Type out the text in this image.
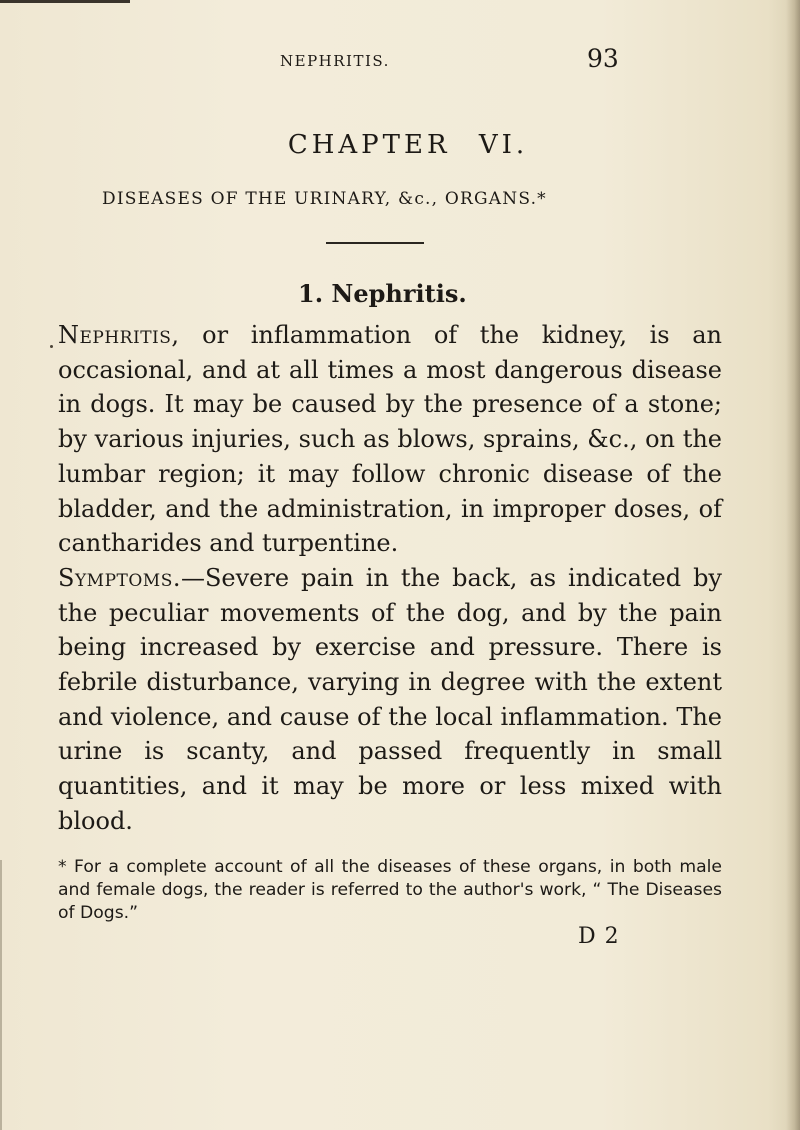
NEPHRITIS.	93
CHAPTER VI.
DISEASES OF THE URINARY, &c., ORGANS.*
1. Nephritis.

Nephritis, or inflammation of the kidney, is an occasional, and at all times a most dangerous disease in dogs. It may be caused by the presence of a stone; by various injuries, such as blows, sprains, &c., on the lumbar region; it may follow chronic disease of the bladder, and the administration, in improper doses, of cantharides and turpentine.

Symptoms.—Severe pain in the back, as indicated by the peculiar movements of the dog, and by the pain being increased by exercise and pressure. There is febrile disturbance, varying in degree with the extent and violence, and cause of the local inflammation. The urine is scanty, and passed frequently in small quantities, and it may be more or less mixed with blood.

* For a complete account of all the diseases of these organs, in both male and female dogs, the reader is referred to the author's work, “ The Diseases of Dogs.”

D 2
